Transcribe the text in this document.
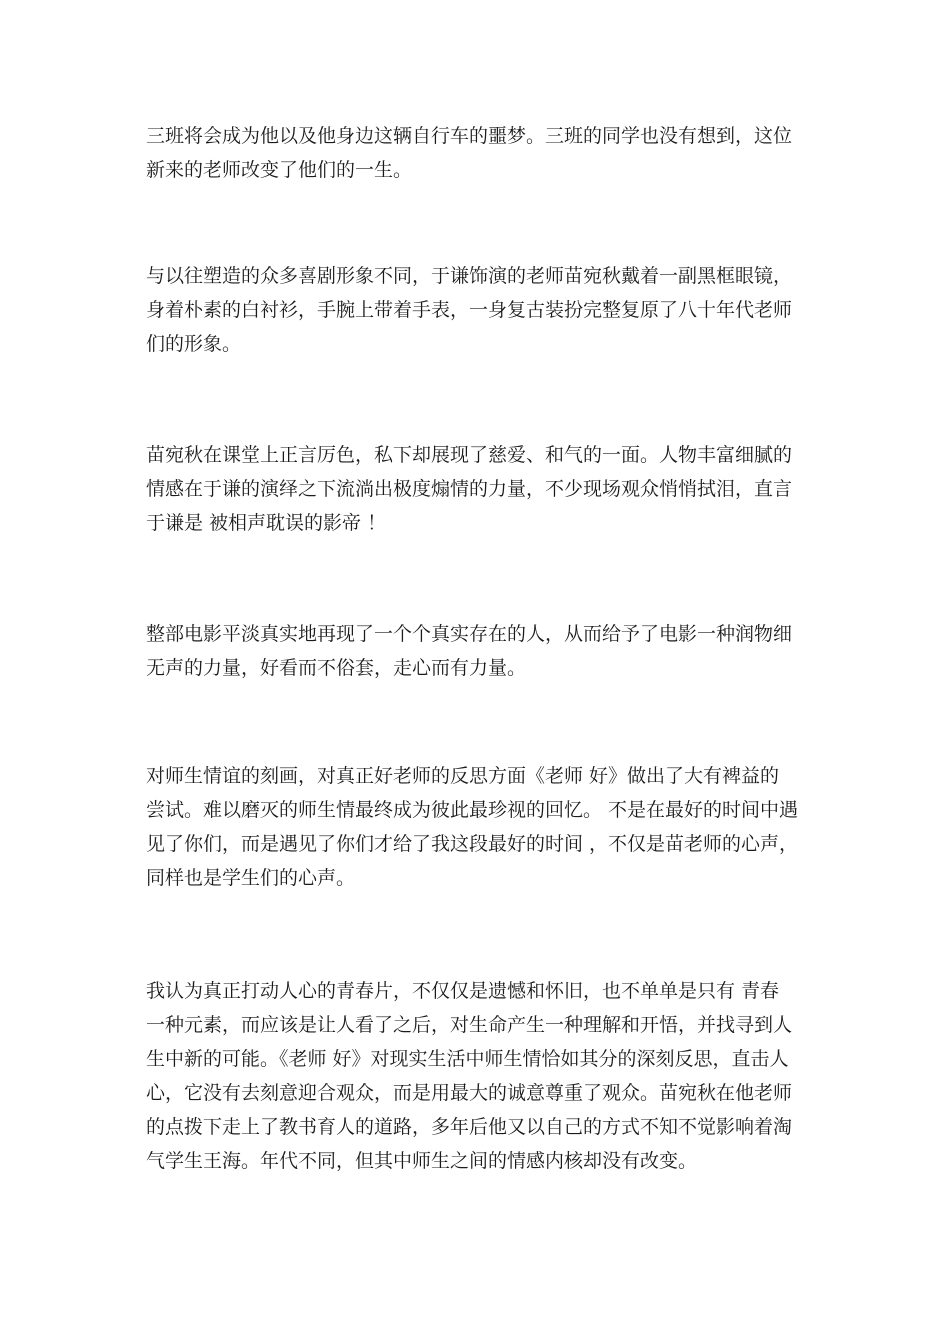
三班将会成为他以及他身边这辆自行车的噩梦。三班的同学也没有想到，这位
新来的老师改变了他们的一生。
与以往塑造的众多喜剧形象不同，于谦饰演的老师苗宛秋戴着一副黑框眼镜，
身着朴素的白衬衫，手腕上带着手表，一身复古装扮完整复原了八十年代老师
们的形象。
苗宛秋在课堂上正言厉色，私下却展现了慈爱、和气的一面。人物丰富细腻的
情感在于谦的演绎之下流淌出极度煽情的力量，不少现场观众悄悄拭泪，直言
于谦是 被相声耽误的影帝 ！
整部电影平淡真实地再现了一个个真实存在的人，从而给予了电影一种润物细
无声的力量，好看而不俗套，走心而有力量。
对师生情谊的刻画，对真正好老师的反思方面《老师 好》做出了大有裨益的
尝试。难以磨灭的师生情最终成为彼此最珍视的回忆。 不是在最好的时间中遇
见了你们，而是遇见了你们才给了我这段最好的时间 ，不仅是苗老师的心声，
同样也是学生们的心声。
我认为真正打动人心的青春片，不仅仅是遗憾和怀旧，也不单单是只有 青春
一种元素，而应该是让人看了之后，对生命产生一种理解和开悟，并找寻到人
生中新的可能。《老师 好》对现实生活中师生情恰如其分的深刻反思，直击人
心，它没有去刻意迎合观众，而是用最大的诚意尊重了观众。苗宛秋在他老师
的点拨下走上了教书育人的道路，多年后他又以自己的方式不知不觉影响着淘
气学生王海。年代不同，但其中师生之间的情感内核却没有改变。
